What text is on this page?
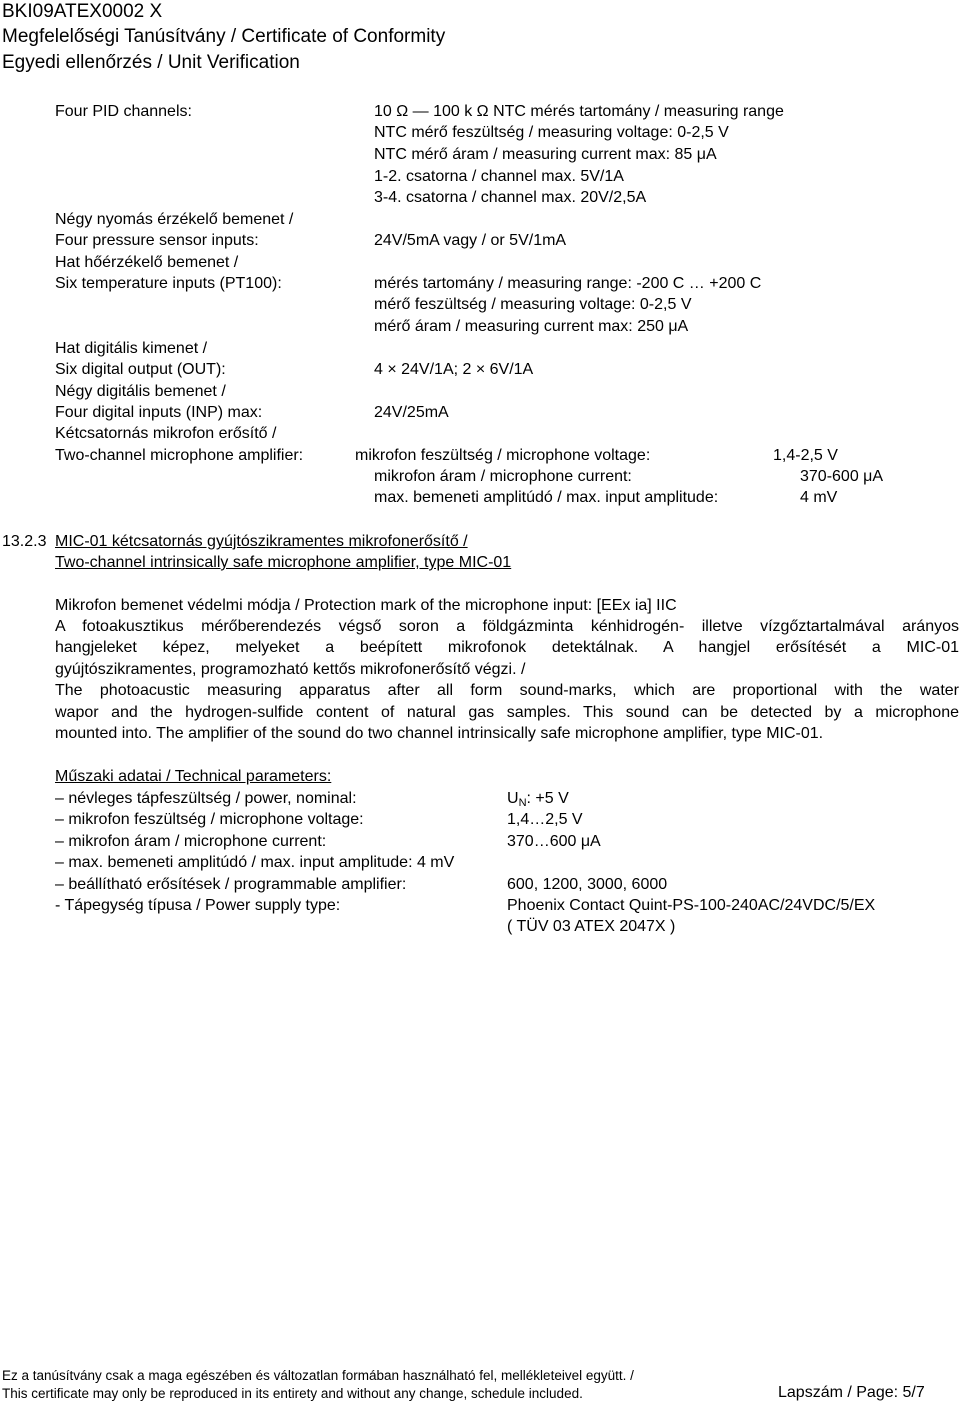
BKI09ATEX0002 X
Megfelelőségi Tanúsítvány / Certificate of Conformity
Egyedi ellenőrzés / Unit Verification
Four PID channels:	10 Ω — 100 k Ω NTC mérés tartomány / measuring range
NTC mérő feszültség / measuring voltage: 0-2,5 V
NTC mérő áram / measuring current max: 85 μA
1-2. csatorna / channel max. 5V/1A
3-4. csatorna / channel max. 20V/2,5A
Négy nyomás érzékelő bemenet /
Four pressure sensor inputs:	24V/5mA vagy / or 5V/1mA
Hat hőérzékelő bemenet /
Six temperature inputs (PT100):	mérés tartomány / measuring range: -200 C … +200 C
mérő feszültség / measuring voltage: 0-2,5 V
mérő áram / measuring current max: 250 μA
Hat digitális kimenet /
Six digital output (OUT):	4 × 24V/1A; 2 × 6V/1A
Négy digitális bemenet /
Four digital inputs (INP) max:	24V/25mA
Kétcsatornás mikrofon erősítő /
Two-channel microphone amplifier:	mikrofon feszültség / microphone voltage:	1,4-2,5 V
mikrofon áram / microphone current:	370-600 μA
max. bemeneti amplitúdó / max. input amplitude:	4 mV
13.2.3 MIC-01 kétcsatornás gyújtószikramentes mikrofonerősítő /
Two-channel intrinsically safe microphone amplifier, type MIC-01
Mikrofon bemenet védelmi módja / Protection mark of the microphone input: [EEx ia] IIC
A fotoakusztikus mérőberendezés végső soron a földgázminta kénhidrogén- illetve vízgőztartalmával arányos
hangjeleket képez, melyeket a beépített mikrofonok detektálnak. A hangjel erősítését a MIC-01
gyújtószikramentes, programozható kettős mikrofonerősítő végzi. /
The photoacustic measuring apparatus after all form sound-marks, which are proportional with the water
wapor and the hydrogen-sulfide content of natural gas samples. This sound can be detected by a microphone
mounted into. The amplifier of the sound do two channel intrinsically safe microphone amplifier, type MIC-01.
Műszaki adatai / Technical parameters:
– névleges tápfeszültség / power, nominal:	$U_N$: +5 V
– mikrofon feszültség / microphone voltage:	1,4…2,5 V
– mikrofon áram / microphone current:	370…600 μA
– max. bemeneti amplitúdó / max. input amplitude: 4 mV
– beállítható erősítések / programmable amplifier:	600, 1200, 3000, 6000
- Tápegység típusa / Power supply type:	Phoenix Contact Quint-PS-100-240AC/24VDC/5/EX
( TÜV 03 ATEX 2047X )
Ez a tanúsítvány csak a maga egészében és változatlan formában használható fel, mellékleteivel együtt. /
This certificate may only be reproduced in its entirety and without any change, schedule included.	Lapszám / Page: 5/7
